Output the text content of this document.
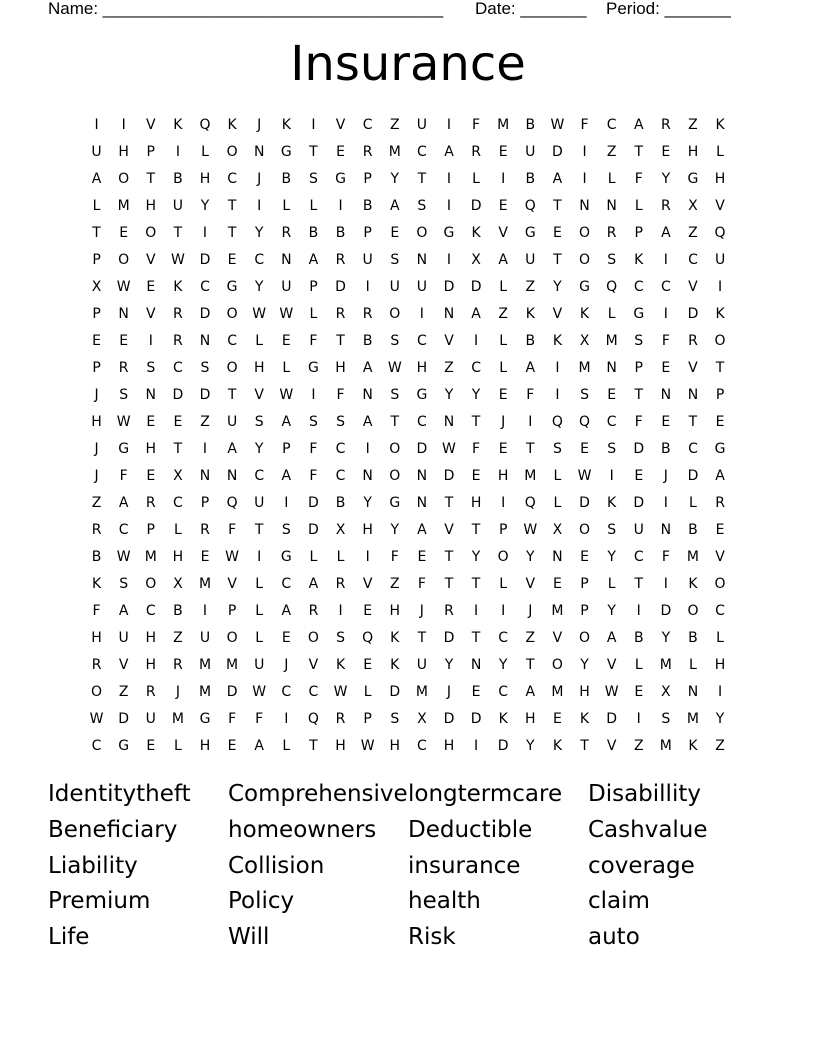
Name: ____________________________________ Date: _______ Period: _______
Insurance
I	I	V	K	Q	K	J	K	I	V	C	Z	U	I	F	M	B	W	F	C	A	R	Z	K
U	H	P	I	L	O	N	G	T	E	R	M	C	A	R	E	U	D	I	Z	T	E	H	L
A	O	T	B	H	C	J	B	S	G	P	Y	T	I	L	I	B	A	I	L	F	Y	G	H
L	M	H	U	Y	T	I	L	L	I	B	A	S	I	D	E	Q	T	N	N	L	R	X	V
T	E	O	T	I	T	Y	R	B	B	P	E	O	G	K	V	G	E	O	R	P	A	Z	Q
P	O	V	W	D	E	C	N	A	R	U	S	N	I	X	A	U	T	O	S	K	I	C	U
X	W	E	K	C	G	Y	U	P	D	I	U	U	D	D	L	Z	Y	G	Q	C	C	V	I
P	N	V	R	D	O	W W	L	R	R	O	I	N	A	Z	K	V	K	L	G	I	D	K
E	E	I	R	N	C	L	E	F	T	B	S	C	V	I	L	B	K	X	M	S	F	R	O
P	R	S	C	S	O	H	L	G	H	A	W	H	Z	C	L	A	I	M	N	P	E	V	T
J	S	N	D	D	T	V	W	I	F	N	S	G	Y	Y	E	F	I	S	E	T	N	N	P
H	W	E	E	Z	U	S	A	S	S	A	T	C	N	T	J	I	Q	Q	C	F	E	T	E
J	G	H	T	I	A	Y	P	F	C	I	O	D	W	F	E	T	S	E	S	D	B	C	G
J	F	E	X	N	N	C	A	F	C	N	O	N	D	E	H	M	L	W	I	E	J	D	A
Z	A	R	C	P	Q	U	I	D	B	Y	G	N	T	H	I	Q	L	D	K	D	I	L	R
R	C	P	L	R	F	T	S	D	X	H	Y	A	V	T	P	W	X	O	S	U	N	B	E
B	W	M	H	E	W	I	G	L	L	I	F	E	T	Y	O	Y	N	E	Y	C	F	M	V
K	S	O	X	M	V	L	C	A	R	V	Z	F	T	T	L	V	E	P	L	T	I	K	O
F	A	C	B	I	P	L	A	R	I	E	H	J	R	I	I	J	M	P	Y	I	D	O	C
H	U	H	Z	U	O	L	E	O	S	Q	K	T	D	T	C	Z	V	O	A	B	Y	B	L
R	V	H	R	M	M	U	J	V	K	E	K	U	Y	N	Y	T	O	Y	V	L	M	L	H
O	Z	R	J	M	D	W	C	C	W	L	D	M	J	E	C	A	M	H	W	E	X	N	I
W	D	U	M	G	F	F	I	Q	R	P	S	X	D	D	K	H	E	K	D	I	S	M	Y
C	G	E	L	H	E	A	L	T	H	W	H	C	H	I	D	Y	K	T	V	Z	M	K	Z
Identitytheft	Comprehensive longtermcare	Disabillity
Beneficiary	homeowners	Deductible	Cashvalue
Liability	Collision	insurance	coverage
Premium	Policy	health	claim
Life	Will	Risk	auto
